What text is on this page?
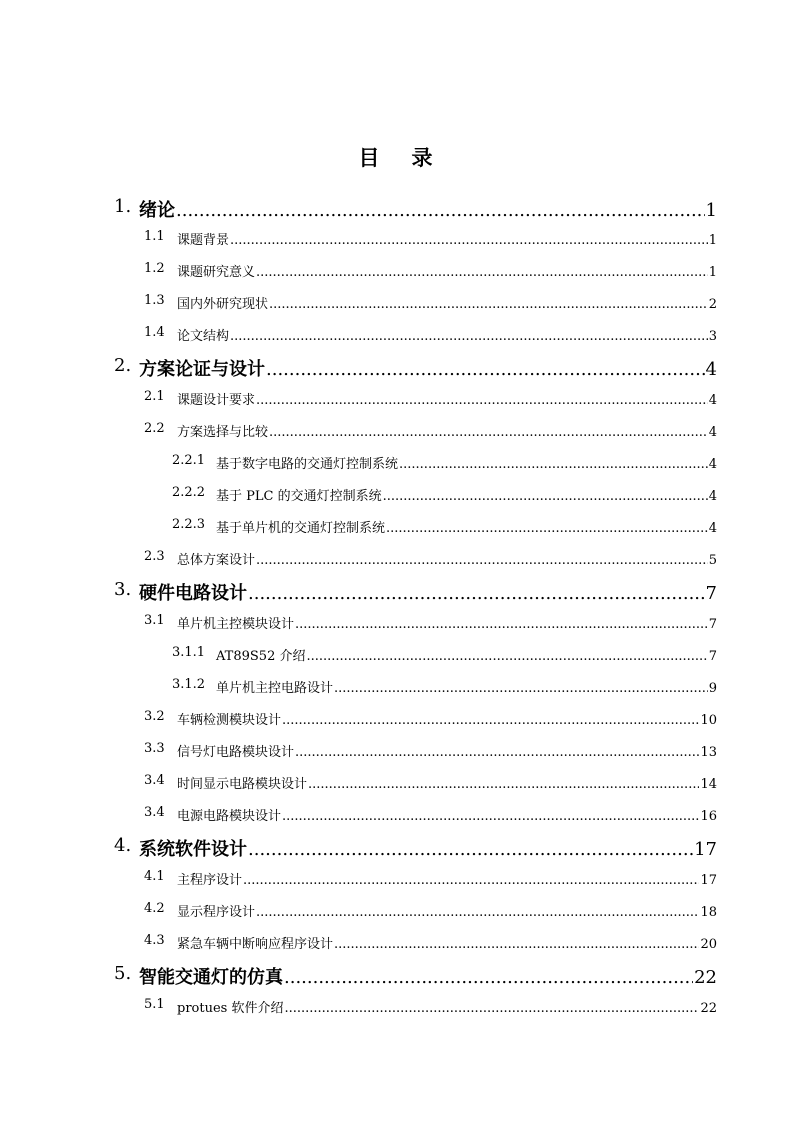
目 录
1. 绪论 .....	1
1.1 课题背景 .....	1
1.2 课题研究意义 .....	1
1.3 国内外研究现状 .....	2
1.4 论文结构 .....	3
2. 方案论证与设计 .....	4
2.1 课题设计要求 .....	4
2.2 方案选择与比较 .....	4
2.2.1 基于数字电路的交通灯控制系统 .....	4
2.2.2 基于 PLC 的交通灯控制系统 .....	4
2.2.3 基于单片机的交通灯控制系统 .....	4
2.3 总体方案设计 .....	5
3. 硬件电路设计 .....	7
3.1 单片机主控模块设计 .....	7
3.1.1 AT89S52 介绍 .....	7
3.1.2 单片机主控电路设计 .....	9
3.2 车辆检测模块设计 .....	10
3.3 信号灯电路模块设计 .....	13
3.4 时间显示电路模块设计 .....	14
3.4 电源电路模块设计 .....	16
4. 系统软件设计 .....	17
4.1 主程序设计 .....	17
4.2 显示程序设计 .....	18
4.3 紧急车辆中断响应程序设计 .....	20
5. 智能交通灯的仿真 .....	22
5.1 protues 软件介绍 .....	22
